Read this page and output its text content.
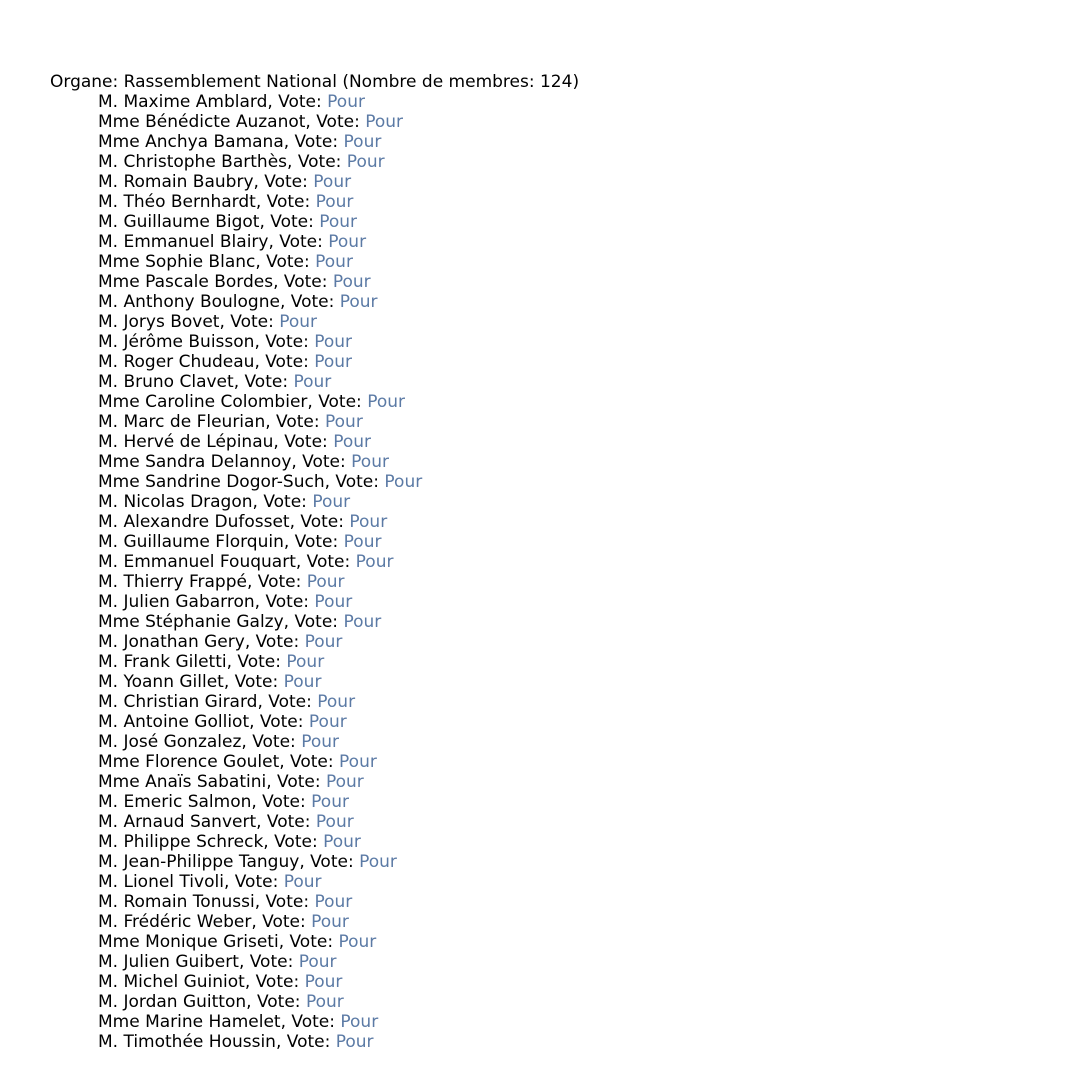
Organe: Rassemblement National (Nombre de membres: 124)
M. Maxime Amblard, Vote: Pour
Mme Bénédicte Auzanot, Vote: Pour
Mme Anchya Bamana, Vote: Pour
M. Christophe Barthès, Vote: Pour
M. Romain Baubry, Vote: Pour
M. Théo Bernhardt, Vote: Pour
M. Guillaume Bigot, Vote: Pour
M. Emmanuel Blairy, Vote: Pour
Mme Sophie Blanc, Vote: Pour
Mme Pascale Bordes, Vote: Pour
M. Anthony Boulogne, Vote: Pour
M. Jorys Bovet, Vote: Pour
M. Jérôme Buisson, Vote: Pour
M. Roger Chudeau, Vote: Pour
M. Bruno Clavet, Vote: Pour
Mme Caroline Colombier, Vote: Pour
M. Marc de Fleurian, Vote: Pour
M. Hervé de Lépinau, Vote: Pour
Mme Sandra Delannoy, Vote: Pour
Mme Sandrine Dogor-Such, Vote: Pour
M. Nicolas Dragon, Vote: Pour
M. Alexandre Dufosset, Vote: Pour
M. Guillaume Florquin, Vote: Pour
M. Emmanuel Fouquart, Vote: Pour
M. Thierry Frappé, Vote: Pour
M. Julien Gabarron, Vote: Pour
Mme Stéphanie Galzy, Vote: Pour
M. Jonathan Gery, Vote: Pour
M. Frank Giletti, Vote: Pour
M. Yoann Gillet, Vote: Pour
M. Christian Girard, Vote: Pour
M. Antoine Golliot, Vote: Pour
M. José Gonzalez, Vote: Pour
Mme Florence Goulet, Vote: Pour
Mme Anaïs Sabatini, Vote: Pour
M. Emeric Salmon, Vote: Pour
M. Arnaud Sanvert, Vote: Pour
M. Philippe Schreck, Vote: Pour
M. Jean-Philippe Tanguy, Vote: Pour
M. Lionel Tivoli, Vote: Pour
M. Romain Tonussi, Vote: Pour
M. Frédéric Weber, Vote: Pour
Mme Monique Griseti, Vote: Pour
M. Julien Guibert, Vote: Pour
M. Michel Guiniot, Vote: Pour
M. Jordan Guitton, Vote: Pour
Mme Marine Hamelet, Vote: Pour
M. Timothée Houssin, Vote: Pour
